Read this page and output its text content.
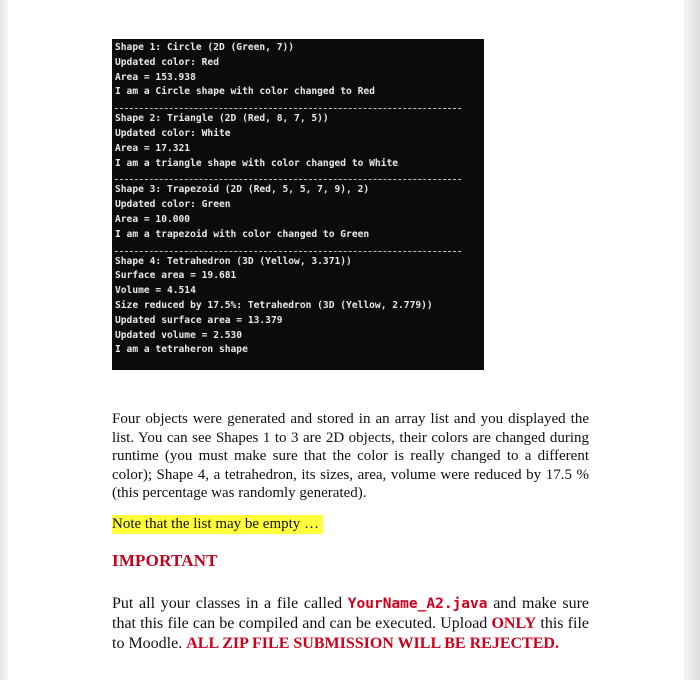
Shape 1: Circle (2D (Green, 7))
Updated color: Red
Area = 153.938
I am a Circle shape with color changed to Red
Shape 2: Triangle (2D (Red, 8, 7, 5))
Updated color: White
Area = 17.321
I am a triangle shape with color changed to White
Shape 3: Trapezoid (2D (Red, 5, 5, 7, 9), 2)
Updated color: Green
Area = 10.000
I am a trapezoid with color changed to Green
Shape 4: Tetrahedron (3D (Yellow, 3.371))
Surface area = 19.681
Volume = 4.514
Size reduced by 17.5%: Tetrahedron (3D (Yellow, 2.779))
Updated surface area = 13.379
Updated volume = 2.530
I am a tetraheron shape

Four objects were generated and stored in an array list and you displayed the list. You can see Shapes 1 to 3 are 2D objects, their colors are changed during runtime (you must make sure that the color is really changed to a different color); Shape 4, a tetrahedron, its sizes, area, volume were reduced by 17.5 % (this percentage was randomly generated).

Note that the list may be empty …
IMPORTANT

Put all your classes in a file called YourName_A2.java and make sure that this file can be compiled and can be executed. Upload ONLY this file to Moodle. ALL ZIP FILE SUBMISSION WILL BE REJECTED.
